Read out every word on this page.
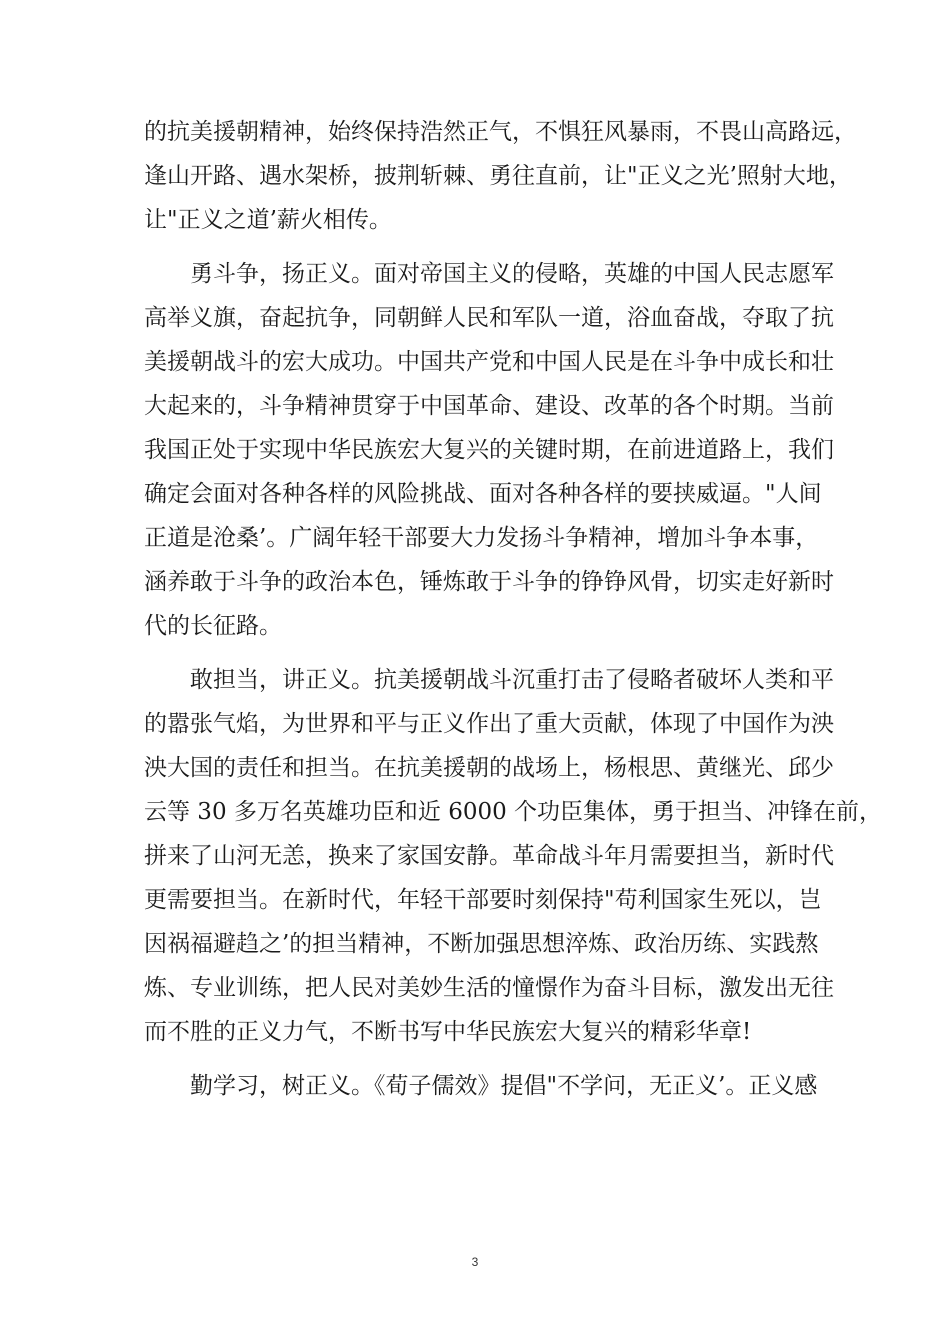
的抗美援朝精神，始终保持浩然正气，不惧狂风暴雨，不畏山高路远，
逢山开路、遇水架桥，披荆斩棘、勇往直前，让"正义之光’照射大地，
让"正义之道’薪火相传。
勇斗争，扬正义。面对帝国主义的侵略，英雄的中国人民志愿军
高举义旗，奋起抗争，同朝鲜人民和军队一道，浴血奋战，夺取了抗
美援朝战斗的宏大成功。中国共产党和中国人民是在斗争中成长和壮
大起来的，斗争精神贯穿于中国革命、建设、改革的各个时期。当前
我国正处于实现中华民族宏大复兴的关键时期，在前进道路上，我们
确定会面对各种各样的风险挑战、面对各种各样的要挟威逼。"人间
正道是沧桑’。广阔年轻干部要大力发扬斗争精神，增加斗争本事，
涵养敢于斗争的政治本色，锤炼敢于斗争的铮铮风骨，切实走好新时
代的长征路。
敢担当，讲正义。抗美援朝战斗沉重打击了侵略者破坏人类和平
的嚣张气焰，为世界和平与正义作出了重大贡献，体现了中国作为泱
泱大国的责任和担当。在抗美援朝的战场上，杨根思、黄继光、邱少
云等 30 多万名英雄功臣和近 6000 个功臣集体，勇于担当、冲锋在前，
拼来了山河无恙，换来了家国安静。革命战斗年月需要担当，新时代
更需要担当。在新时代，年轻干部要时刻保持"苟利国家生死以，岂
因祸福避趋之’的担当精神，不断加强思想淬炼、政治历练、实践熬
炼、专业训练，把人民对美妙生活的憧憬作为奋斗目标，激发出无往
而不胜的正义力气，不断书写中华民族宏大复兴的精彩华章!
勤学习，树正义。《荀子儒效》提倡"不学问，无正义’。正义感
3
